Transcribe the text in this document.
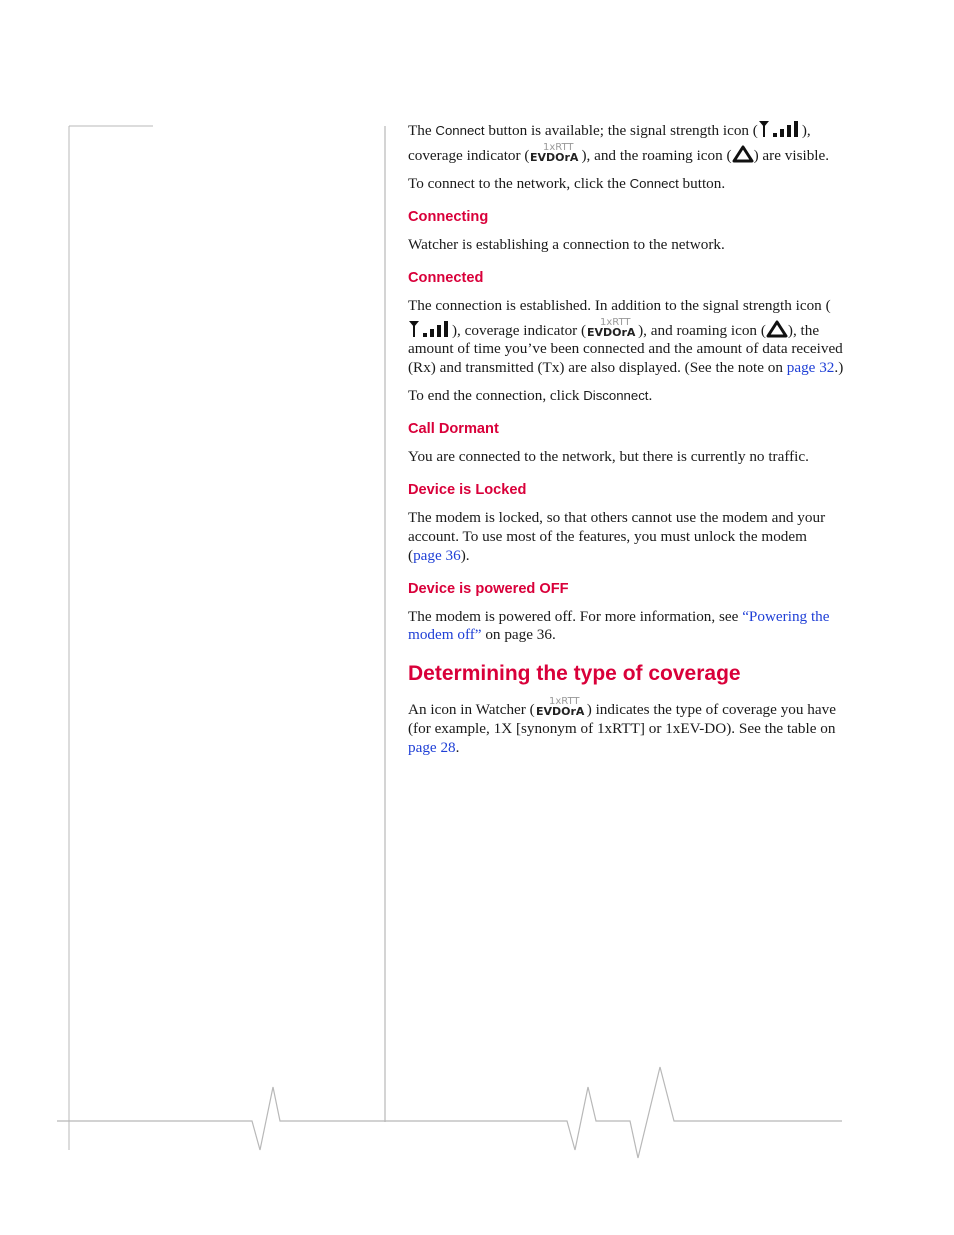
The Connect button is available; the signal strength icon (	), coverage indicator ( 1xRTT
EVDOrA ), and the roaming icon ( ) are visible.

To connect to the network, click the Connect button.

Connecting

Watcher is establishing a connection to the network.

Connected

The connection is established. In addition to the signal strength icon (), coverage indicator ( 1xRTT
EVDOrA ), and roaming icon ( ), the amount of time you’ve been connected and the amount of data received (Rx) and transmitted (Tx) are also displayed. (See the note on page 32.)

To end the connection, click Disconnect.

Call Dormant

You are connected to the network, but there is currently no traffic.

Device is Locked

The modem is locked, so that others cannot use the modem and your account. To use most of the features, you must unlock the modem (page 36).

Device is powered OFF

The modem is powered off. For more information, see “Powering the modem off” on page 36.

Determining the type of coverage

An icon in Watcher ( 1xRTT
EVDOrA ) indicates the type of coverage you have (for example, 1X [synonym of 1xRTT] or 1xEV-DO). See the table on page 28.
